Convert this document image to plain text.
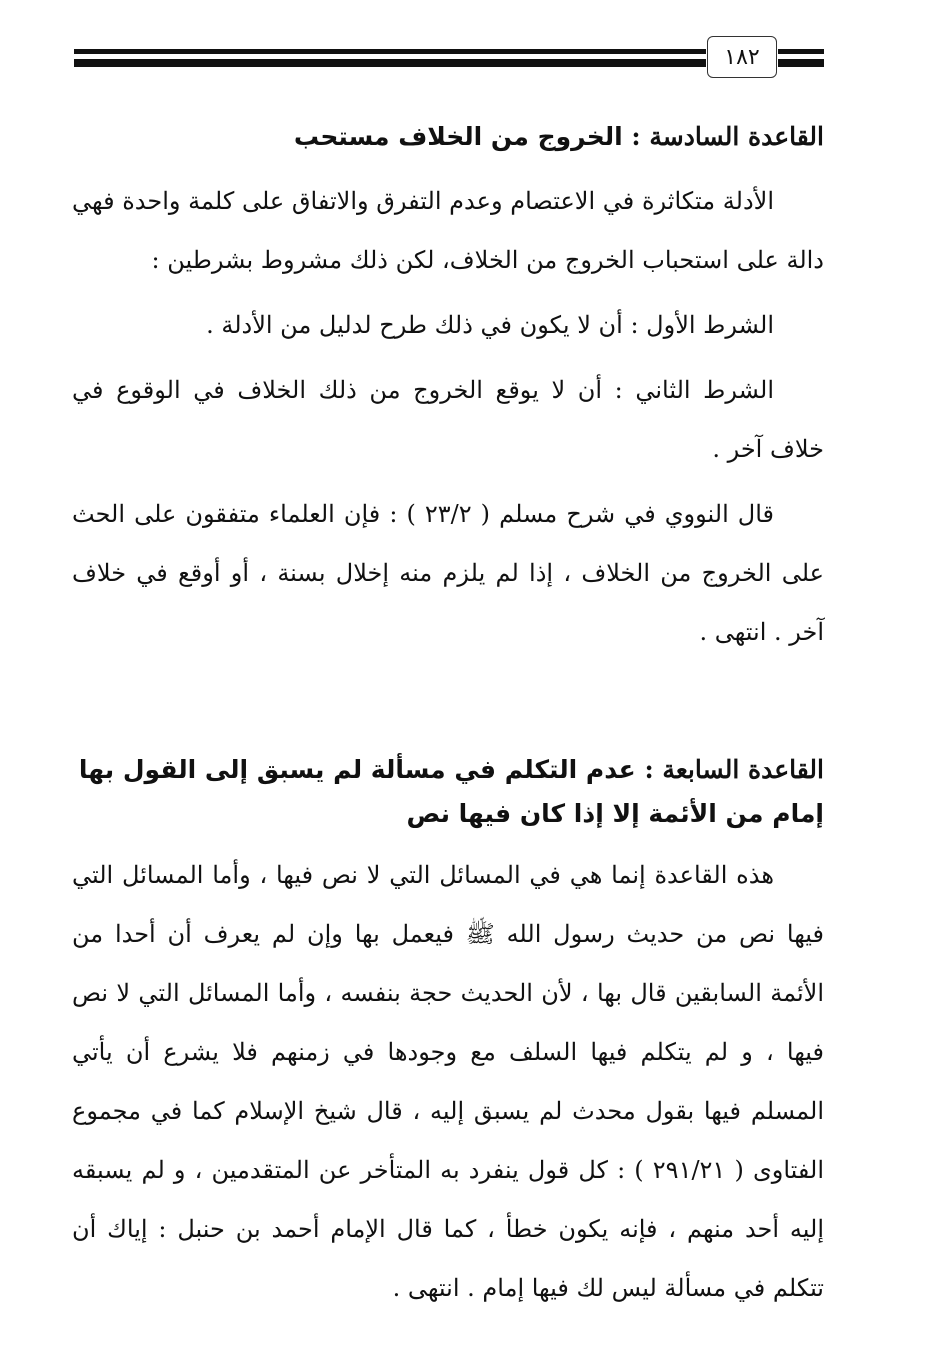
١٨٢
القاعدة السادسة : الخروج من الخلاف مستحب

الأدلة متكاثرة في الاعتصام وعدم التفرق والاتفاق على كلمة واحدة فهي دالة على استحباب الخروج من الخلاف، لكن ذلك مشروط بشرطين :

الشرط الأول : أن لا يكون في ذلك طرح لدليل من الأدلة .

الشرط الثاني : أن لا يوقع الخروج من ذلك الخلاف في الوقوع في خلاف آخر .

قال النووي في شرح مسلم ( ٢٣/٢ ) : فإن العلماء متفقون على الحث على الخروج من الخلاف ، إذا لم يلزم منه إخلال بسنة ، أو أوقع في خلاف آخر . انتهى .

القاعدة السابعة : عدم التكلم في مسألة لم يسبق إلى القول بها إمام من الأئمة إلا إذا كان فيها نص

هذه القاعدة إنما هي في المسائل التي لا نص فيها ، وأما المسائل التي فيها نص من حديث رسول الله ﷺ فيعمل بها وإن لم يعرف أن أحدا من الأئمة السابقين قال بها ، لأن الحديث حجة بنفسه ، وأما المسائل التي لا نص فيها ، و لم يتكلم فيها السلف مع وجودها في زمنهم فلا يشرع أن يأتي المسلم فيها بقول محدث لم يسبق إليه ، قال شيخ الإسلام كما في مجموع الفتاوى ( ٢٩١/٢١ ) : كل قول ينفرد به المتأخر عن المتقدمين ، و لم يسبقه إليه أحد منهم ، فإنه يكون خطأ ، كما قال الإمام أحمد بن حنبل : إياك أن تتكلم في مسألة ليس لك فيها إمام . انتهى .
